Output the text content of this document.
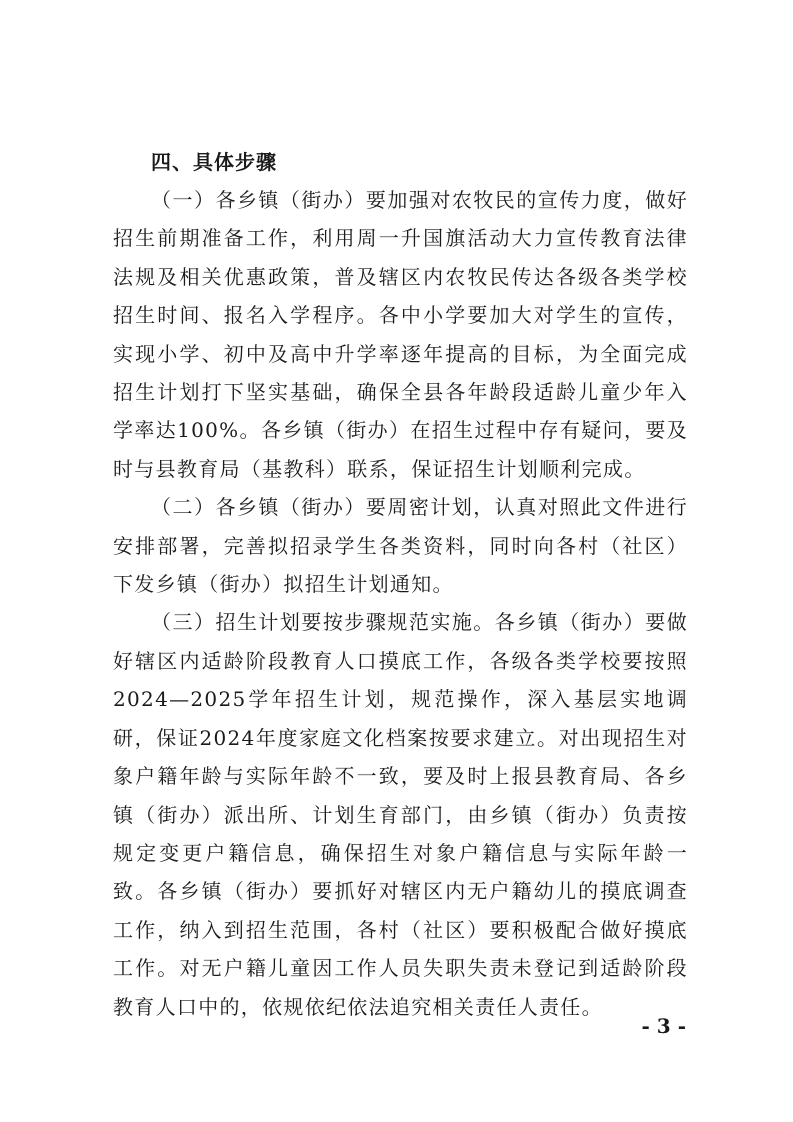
四、具体步骤

（一）各乡镇（街办）要加强对农牧民的宣传力度，做好招生前期准备工作，利用周一升国旗活动大力宣传教育法律法规及相关优惠政策，普及辖区内农牧民传达各级各类学校招生时间、报名入学程序。各中小学要加大对学生的宣传，实现小学、初中及高中升学率逐年提高的目标，为全面完成招生计划打下坚实基础，确保全县各年龄段适龄儿童少年入学率达100%。各乡镇（街办）在招生过程中存有疑问，要及时与县教育局（基教科）联系，保证招生计划顺利完成。

（二）各乡镇（街办）要周密计划，认真对照此文件进行安排部署，完善拟招录学生各类资料，同时向各村（社区）下发乡镇（街办）拟招生计划通知。

（三）招生计划要按步骤规范实施。各乡镇（街办）要做好辖区内适龄阶段教育人口摸底工作，各级各类学校要按照2024—2025学年招生计划，规范操作，深入基层实地调研，保证2024年度家庭文化档案按要求建立。对出现招生对象户籍年龄与实际年龄不一致，要及时上报县教育局、各乡镇（街办）派出所、计划生育部门，由乡镇（街办）负责按规定变更户籍信息，确保招生对象户籍信息与实际年龄一致。各乡镇（街办）要抓好对辖区内无户籍幼儿的摸底调查工作，纳入到招生范围，各村（社区）要积极配合做好摸底工作。对无户籍儿童因工作人员失职失责未登记到适龄阶段教育人口中的，依规依纪依法追究相关责任人责任。

- 3 -
